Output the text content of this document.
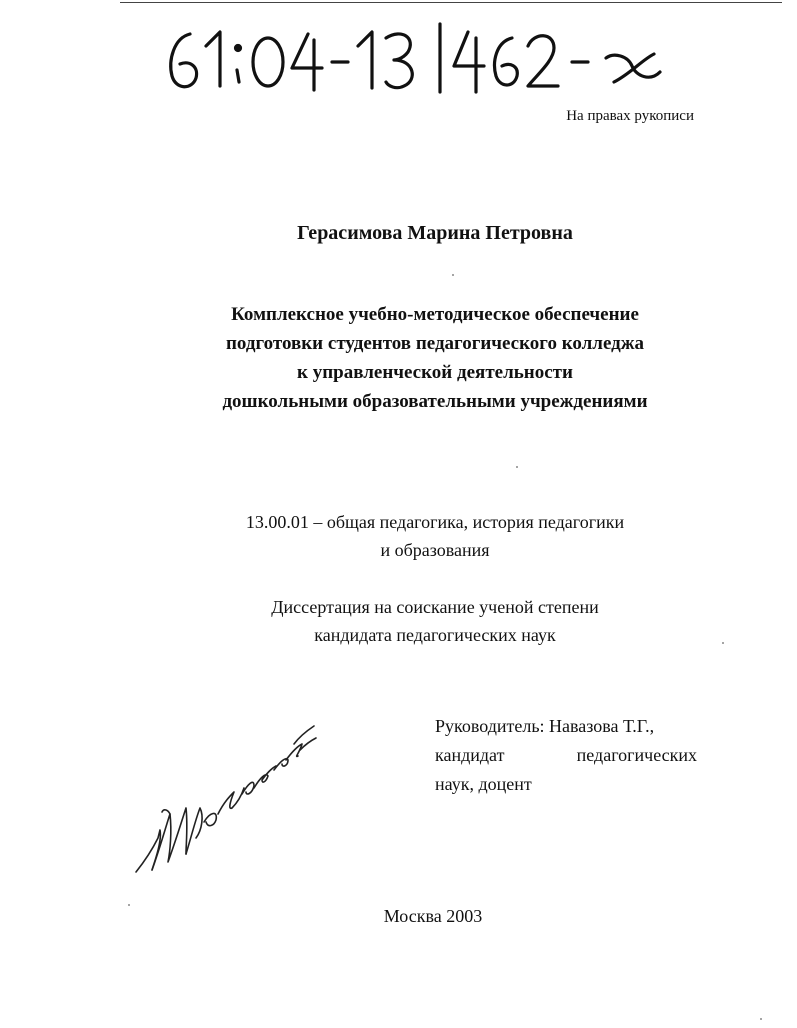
На правах рукописи
Герасимова Марина Петровна
Комплексное учебно-методическое обеспечение
подготовки студентов педагогического колледжа
к управленческой деятельности
дошкольными образовательными учреждениями
13.00.01 – общая педагогика, история педагогики
и образования
Диссертация на соискание ученой степени
кандидата педагогических наук
Руководитель: Навазова Т.Г.,
кандидат	педагогических
наук, доцент
Москва 2003
